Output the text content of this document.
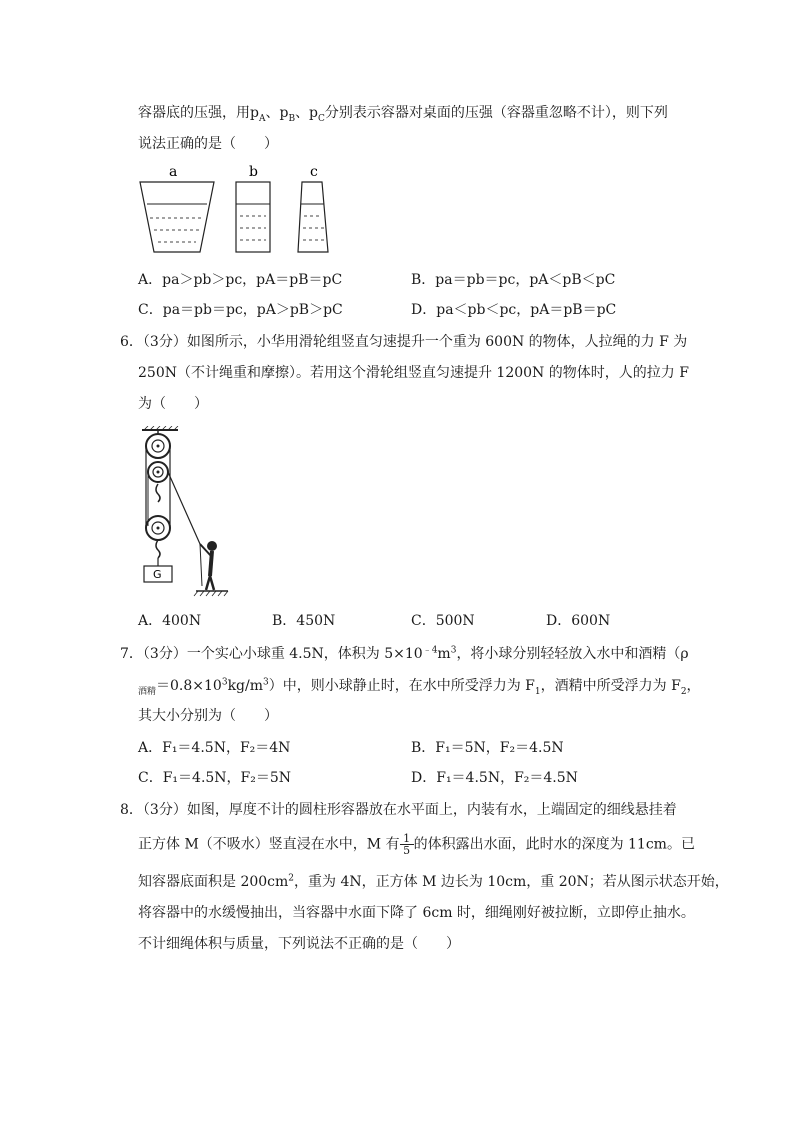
容器底的压强，用$p_A$、$p_B$、$p_C$分别表示容器对桌面的压强（容器重忽略不计），则下列
说法正确的是（　　）
a	b	c
A．pa＞pb＞pc，pA＝pB＝pC	B．pa＝pb＝pc，pA＜pB＜pC
C．pa＝pb＝pc，pA＞pB＞pC	D．pa＜pb＜pc，pA＝pB＝pC
6．（3分）如图所示，小华用滑轮组竖直匀速提升一个重为 600N 的物体，人拉绳的力 F 为
250N（不计绳重和摩擦）。若用这个滑轮组竖直匀速提升 1200N 的物体时，人的拉力 F
为（　　）
G
A．400N	B．450N	C．500N	D．600N
7．（3分）一个实心小球重 4.5N，体积为 $5\times 10^{﹣4}m^3$，将小球分别轻轻放入水中和酒精（ρ
$_{酒精}=0.8\times 10^3kg/m^3$）中，则小球静止时，在水中所受浮力为 $F_1$，酒精中所受浮力为 $F_2$，
其大小分别为（　　）
A．F₁＝4.5N，F₂＝4N	B．F₁＝5N，F₂＝4.5N
C．F₁＝4.5N，F₂＝5N	D．F₁＝4.5N，F₂＝4.5N
8．（3分）如图，厚度不计的圆柱形容器放在水平面上，内装有水，上端固定的细线悬挂着
正方体 M（不吸水）竖直浸在水中，M 有 $\frac{1}{5}$ 的体积露出水面，此时水的深度为 11cm。已
知容器底面积是 $200cm^2$，重为 4N，正方体 M 边长为 10cm，重 20N；若从图示状态开始，
将容器中的水缓慢抽出，当容器中水面下降了 6cm 时，细绳刚好被拉断，立即停止抽水。
不计细绳体积与质量，下列说法不正确的是（　　）
